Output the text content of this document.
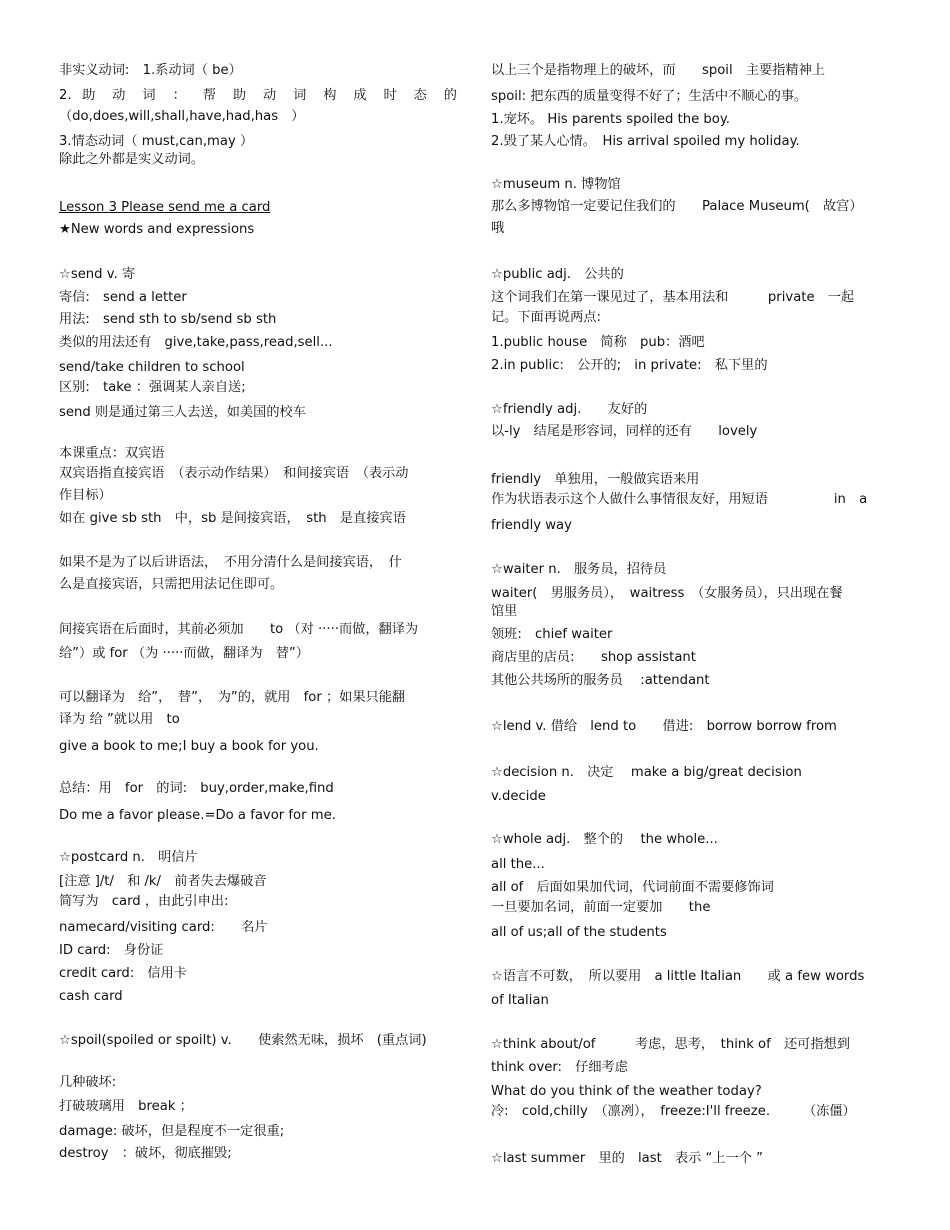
非实义动词:　1.系动词（ be）
2. 助 动 词 ： 帮 助 动 词 构 成 时 态 的
（do,does,will,shall,have,had,has　）
3.情态动词（ must,can,may ）
除此之外都是实义动词。
Lesson 3 Please send me a card
★New words and expressions
☆send v. 寄
寄信:　send a letter
用法:　send sth to sb/send sb sth
类似的用法还有　give,take,pass,read,sell...
send/take children to school
区别:　take ：强调某人亲自送;
send 则是通过第三人去送，如美国的校车
本课重点：双宾语
双宾语指直接宾语　（表示动作结果）　和间接宾语　（表示动
作目标）
如在 give sb sth　中，sb 是间接宾语，　sth　是直接宾语
如果不是为了以后讲语法，　不用分清什么是间接宾语，　什
么是直接宾语，只需把用法记住即可。
间接宾语在后面时，其前必须加　　to （对 ·····而做，翻译为
给”）或 for （为 ·····而做，翻译为　替”）
可以翻译为　给”，　替”，　为”的，就用　for ；如果只能翻
译为 给 ”就以用　to
give a book to me;I buy a book for you.
总结：用　for　的词:　buy,order,make,find
Do me a favor please.=Do a favor for me.
☆postcard n.　明信片
[注意 ]/t/　和 /k/　前者失去爆破音
简写为　card ，由此引申出:
namecard/visiting card:　　名片
ID card:　身份证
credit card:　信用卡
cash card
☆spoil(spoiled or spoilt) v.　　使索然无味，损坏　(重点词)
几种破坏:
打破玻璃用　break ；
damage: 破坏，但是程度不一定很重;
destroy　：破坏，彻底摧毁;
以上三个是指物理上的破坏，而　　spoil　主要指精神上
spoil: 把东西的质量变得不好了；生活中不顺心的事。
1.宠坏。 His parents spoiled the boy.
2.毁了某人心情。　His arrival spoiled my holiday.
☆museum n. 博物馆
那么多博物馆一定要记住我们的　　Palace Museum(　故宫）
哦
☆public adj.　公共的
这个词我们在第一课见过了，基本用法和　　　private　一起
记。下面再说两点:
1.public house　简称　pub：酒吧
2.in public:　公开的;　in private:　私下里的
☆friendly adj.　　友好的
以-ly　结尾是形容词，同样的还有　　lovely
friendly　单独用，一般做宾语来用
作为状语表示这个人做什么事情很友好，用短语　　　　　in　a
friendly way
☆waiter n.　服务员，招待员
waiter(　男服务员），　waitress　（女服务员），只出现在餐
馆里
领班:　chief waiter
商店里的店员:　　shop assistant
其他公共场所的服务员　 :attendant
☆lend v. 借给　lend to　　借进:　borrow borrow from
☆decision n.　决定　 make a big/great decision
v.decide
☆whole adj.　整个的　 the whole...
all the...
all of　后面如果加代词，代词前面不需要修饰词
一旦要加名词，前面一定要加　　the
all of us;all of the students
☆语言不可数，　所以要用　a little Italian　　或 a few words
of Italian
☆think about/of　　　考虑，思考，　think of　还可指想到
think over:　仔细考虑
What do you think of the weather today?
冷:　cold,chilly　（凛冽），　freeze:I'll freeze.　　　（冻僵）
☆last summer　里的　last　表示 “上一个 ”
